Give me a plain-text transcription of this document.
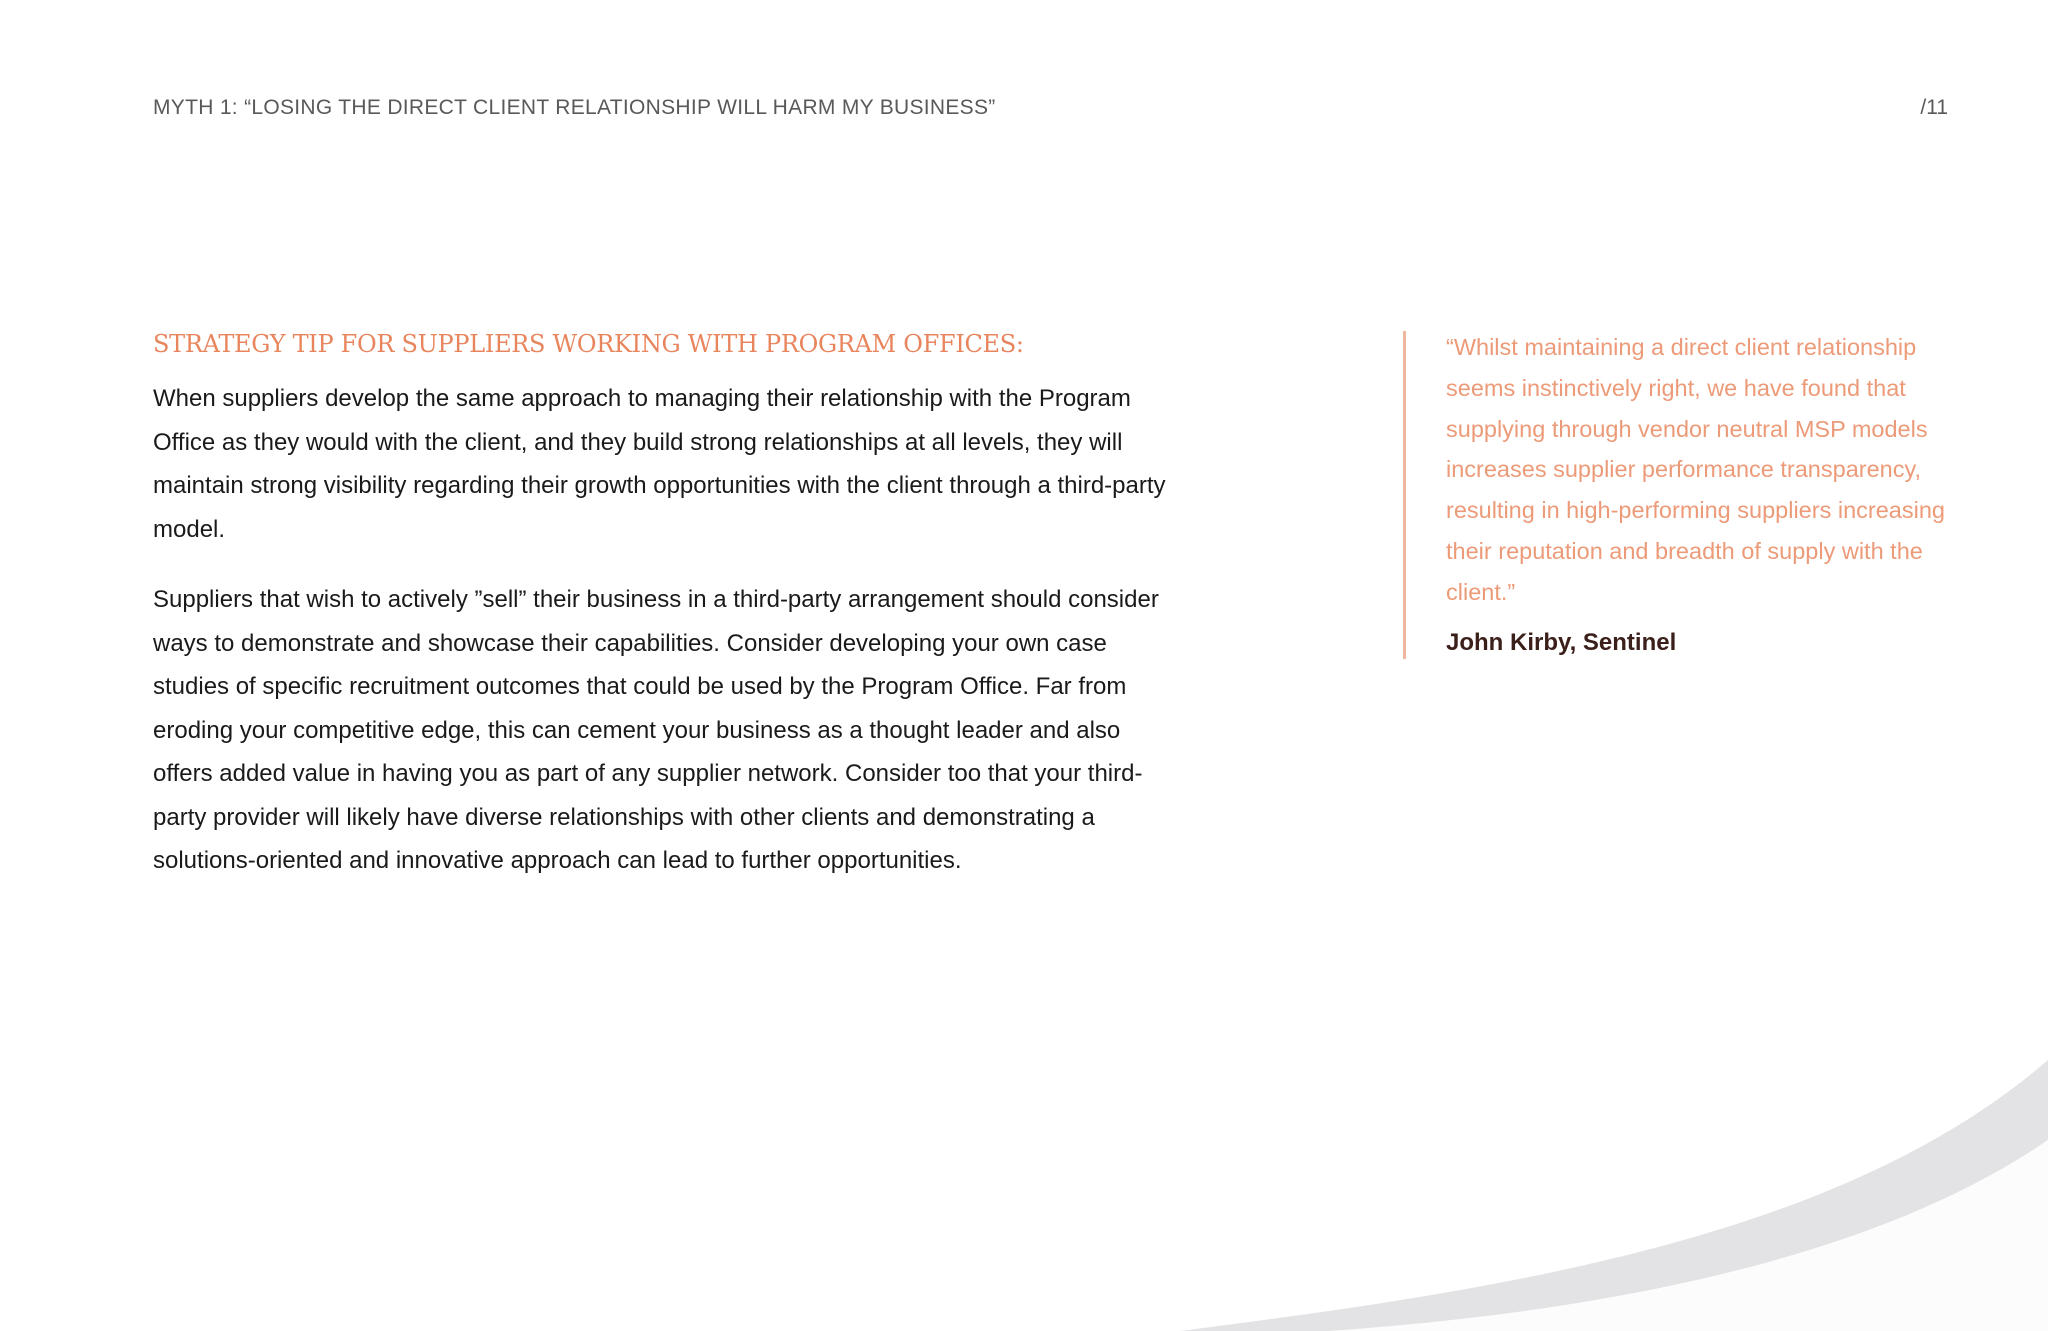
MYTH 1: “LOSING THE DIRECT CLIENT RELATIONSHIP WILL HARM MY BUSINESS”	/11
STRATEGY TIP FOR SUPPLIERS WORKING WITH PROGRAM OFFICES:

When suppliers develop the same approach to managing their relationship with the Program Office as they would with the client, and they build strong relationships at all levels, they will maintain strong visibility regarding their growth opportunities with the client through a third-party model.

Suppliers that wish to actively ”sell” their business in a third-party arrangement should consider ways to demonstrate and showcase their capabilities. Consider developing your own case studies of specific recruitment outcomes that could be used by the Program Office. Far from eroding your competitive edge, this can cement your business as a thought leader and also offers added value in having you as part of any supplier network. Consider too that your third-party provider will likely have diverse relationships with other clients and demonstrating a solutions-oriented and innovative approach can lead to further opportunities.

“Whilst maintaining a direct client relationship seems instinctively right, we have found that supplying through vendor neutral MSP models increases supplier performance transparency, resulting in high-performing suppliers increasing their reputation and breadth of supply with the client.”

John Kirby, Sentinel
